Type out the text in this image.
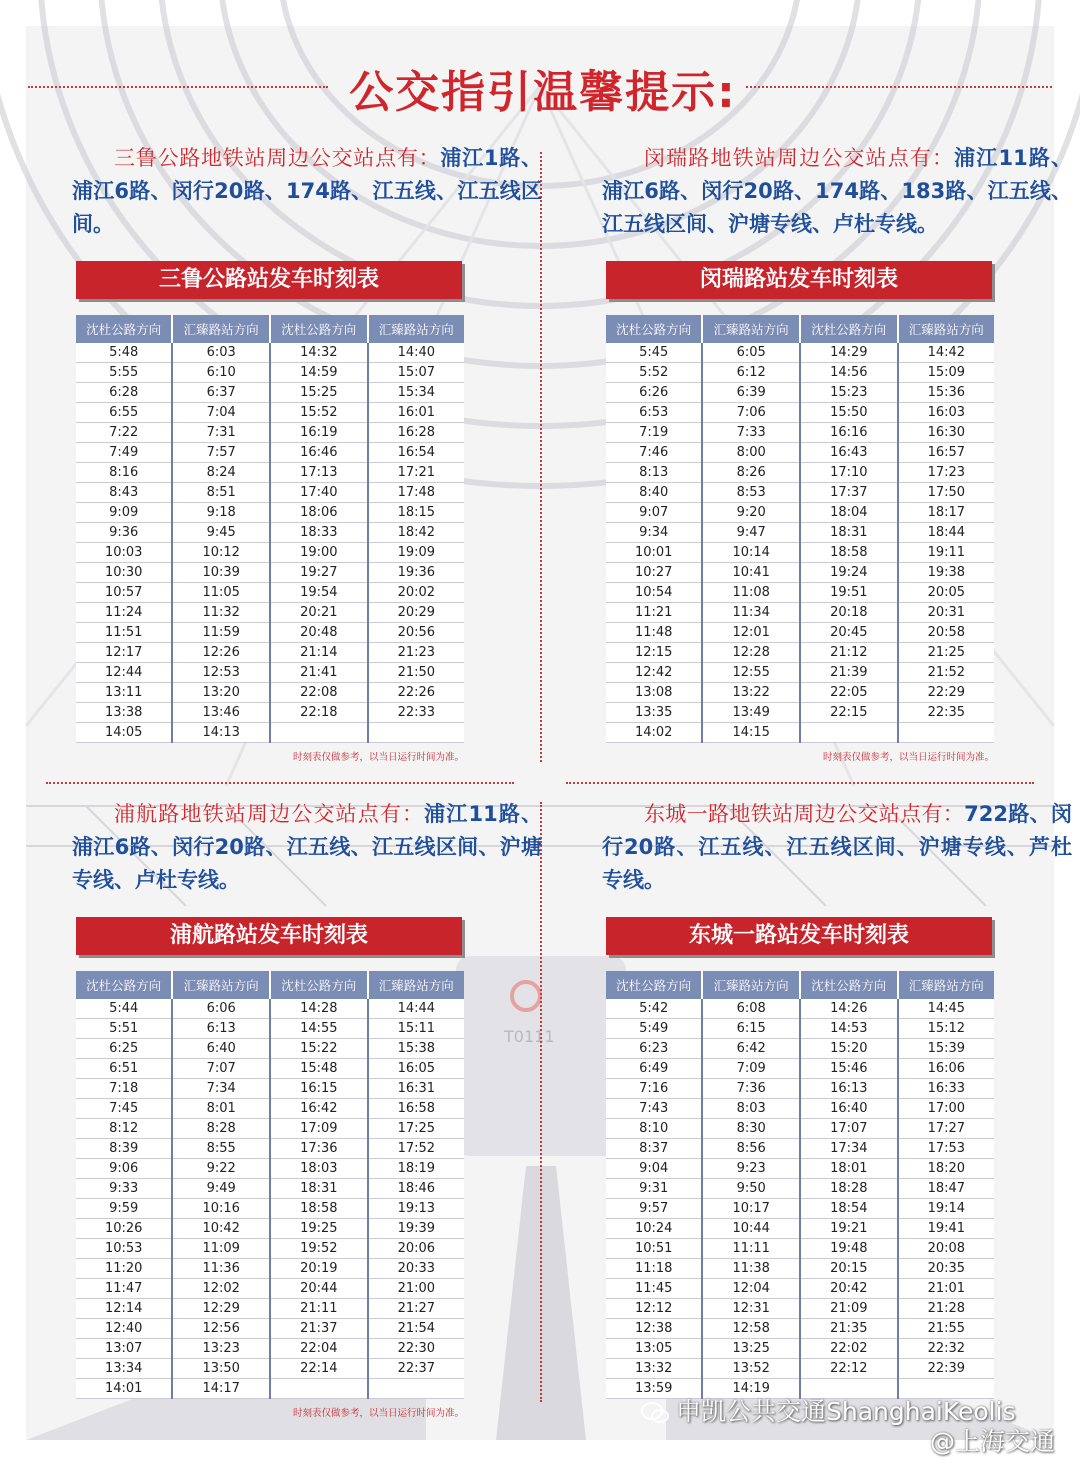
T0111
公交指引温馨提示:
三鲁公路地铁站周边公交站点有：浦江1路、浦江6路、闵行20路、174路、江五线、江五线区间。
三鲁公路站发车时刻表
沈杜公路方向	汇臻路站方向	沈杜公路方向	汇臻路站方向
5:48	6:03	14:32	14:40
5:55	6:10	14:59	15:07
6:28	6:37	15:25	15:34
6:55	7:04	15:52	16:01
7:22	7:31	16:19	16:28
7:49	7:57	16:46	16:54
8:16	8:24	17:13	17:21
8:43	8:51	17:40	17:48
9:09	9:18	18:06	18:15
9:36	9:45	18:33	18:42
10:03	10:12	19:00	19:09
10:30	10:39	19:27	19:36
10:57	11:05	19:54	20:02
11:24	11:32	20:21	20:29
11:51	11:59	20:48	20:56
12:17	12:26	21:14	21:23
12:44	12:53	21:41	21:50
13:11	13:20	22:08	22:26
13:38	13:46	22:18	22:33
14:05	14:13		
时刻表仅做参考，以当日运行时间为准。
闵瑞路地铁站周边公交站点有：浦江11路、浦江6路、闵行20路、174路、183路、江五线、江五线区间、沪塘专线、卢杜专线。
闵瑞路站发车时刻表
沈杜公路方向	汇臻路站方向	沈杜公路方向	汇臻路站方向
5:45	6:05	14:29	14:42
5:52	6:12	14:56	15:09
6:26	6:39	15:23	15:36
6:53	7:06	15:50	16:03
7:19	7:33	16:16	16:30
7:46	8:00	16:43	16:57
8:13	8:26	17:10	17:23
8:40	8:53	17:37	17:50
9:07	9:20	18:04	18:17
9:34	9:47	18:31	18:44
10:01	10:14	18:58	19:11
10:27	10:41	19:24	19:38
10:54	11:08	19:51	20:05
11:21	11:34	20:18	20:31
11:48	12:01	20:45	20:58
12:15	12:28	21:12	21:25
12:42	12:55	21:39	21:52
13:08	13:22	22:05	22:29
13:35	13:49	22:15	22:35
14:02	14:15		
时刻表仅做参考，以当日运行时间为准。
浦航路地铁站周边公交站点有：浦江11路、浦江6路、闵行20路、江五线、江五线区间、沪塘专线、卢杜专线。
浦航路站发车时刻表
沈杜公路方向	汇臻路站方向	沈杜公路方向	汇臻路站方向
5:44	6:06	14:28	14:44
5:51	6:13	14:55	15:11
6:25	6:40	15:22	15:38
6:51	7:07	15:48	16:05
7:18	7:34	16:15	16:31
7:45	8:01	16:42	16:58
8:12	8:28	17:09	17:25
8:39	8:55	17:36	17:52
9:06	9:22	18:03	18:19
9:33	9:49	18:31	18:46
9:59	10:16	18:58	19:13
10:26	10:42	19:25	19:39
10:53	11:09	19:52	20:06
11:20	11:36	20:19	20:33
11:47	12:02	20:44	21:00
12:14	12:29	21:11	21:27
12:40	12:56	21:37	21:54
13:07	13:23	22:04	22:30
13:34	13:50	22:14	22:37
14:01	14:17		
时刻表仅做参考，以当日运行时间为准。
东城一路地铁站周边公交站点有：722路、闵行20路、江五线、江五线区间、沪塘专线、芦杜专线。
东城一路站发车时刻表
沈杜公路方向	汇臻路站方向	沈杜公路方向	汇臻路站方向
5:42	6:08	14:26	14:45
5:49	6:15	14:53	15:12
6:23	6:42	15:20	15:39
6:49	7:09	15:46	16:06
7:16	7:36	16:13	16:33
7:43	8:03	16:40	17:00
8:10	8:30	17:07	17:27
8:37	8:56	17:34	17:53
9:04	9:23	18:01	18:20
9:31	9:50	18:28	18:47
9:57	10:17	18:54	19:14
10:24	10:44	19:21	19:41
10:51	11:11	19:48	20:08
11:18	11:38	20:15	20:35
11:45	12:04	20:42	21:01
12:12	12:31	21:09	21:28
12:38	12:58	21:35	21:55
13:05	13:25	22:02	22:32
13:32	13:52	22:12	22:39
13:59	14:19		
申凯公共交通ShanghaiKeolis
@上海交通
